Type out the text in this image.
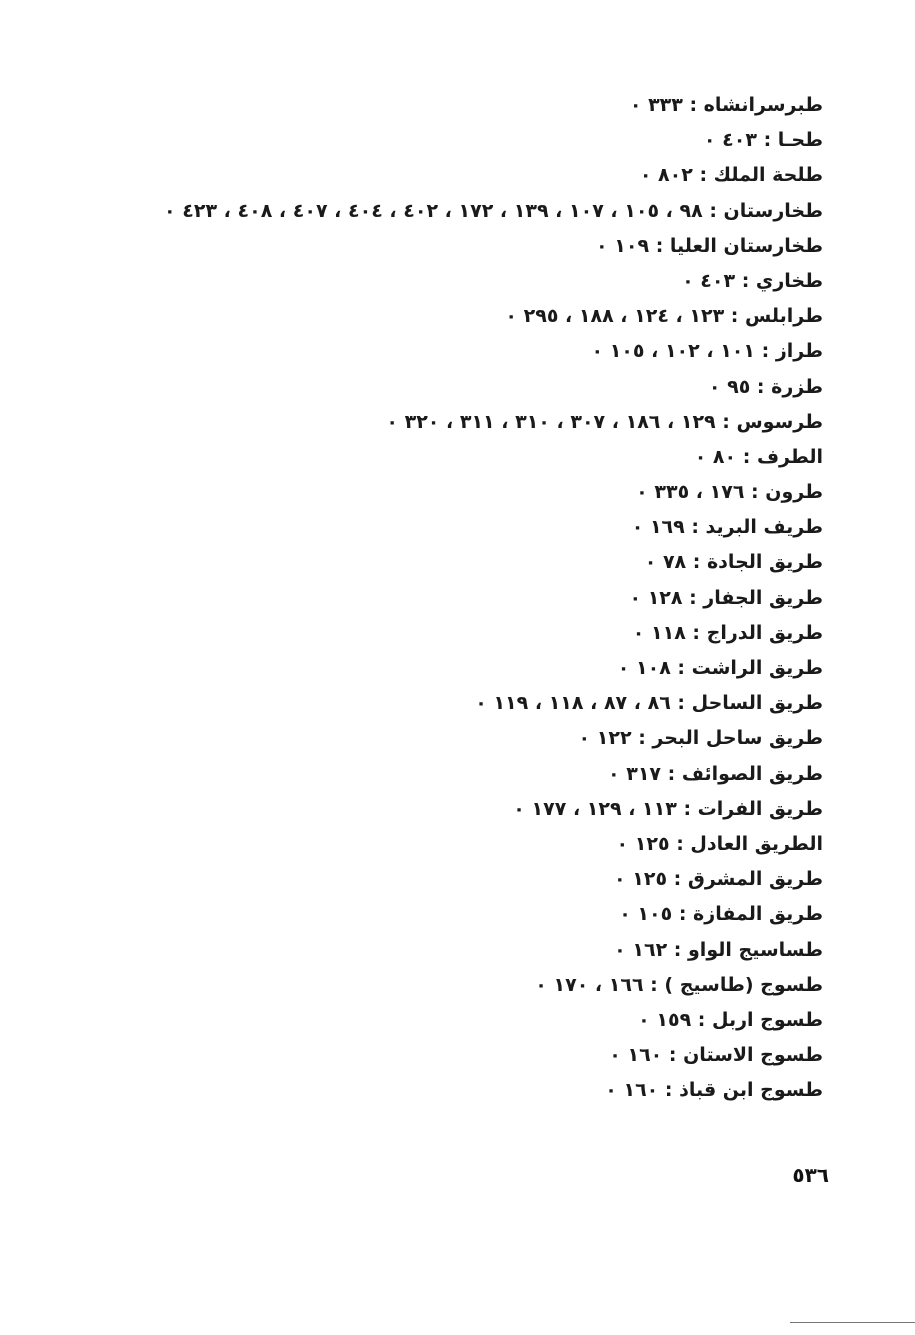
طبرسرانشاه : ٣٣٣ ٠
طحـا : ٤٠٣ ٠
طلحة الملك : ٨٠٢ ٠
طخارستان : ٩٨ ، ١٠٥ ، ١٠٧ ، ١٣٩ ، ١٧٢ ، ٤٠٢ ، ٤٠٤ ، ٤٠٧ ، ٤٠٨ ، ٤٢٣ ٠
طخارستان العليا : ١٠٩ ٠
طخاري : ٤٠٣ ٠
طرابلس : ١٢٣ ، ١٢٤ ، ١٨٨ ، ٢٩٥ ٠
طراز : ١٠١ ، ١٠٢ ، ١٠٥ ٠
طزرة : ٩٥ ٠
طرسوس : ١٢٩ ، ١٨٦ ، ٣٠٧ ، ٣١٠ ، ٣١١ ، ٣٢٠ ٠
الطرف : ٨٠ ٠
طرون : ١٧٦ ، ٣٣٥ ٠
طريف البريد : ١٦٩ ٠
طريق الجادة : ٧٨ ٠
طريق الجفار : ١٢٨ ٠
طريق الدراج : ١١٨ ٠
طريق الراشت : ١٠٨ ٠
طريق الساحل : ٨٦ ، ٨٧ ، ١١٨ ، ١١٩ ٠
طريق ساحل البحر : ١٢٢ ٠
طريق الصوائف : ٣١٧ ٠
طريق الفرات : ١١٣ ، ١٢٩ ، ١٧٧ ٠
الطريق العادل : ١٢٥ ٠
طريق المشرق : ١٢٥ ٠
طريق المفازة : ١٠٥ ٠
طساسيج الواو : ١٦٢ ٠
طسوج (طاسيج ) : ١٦٦ ، ١٧٠ ٠
طسوج اربل : ١٥٩ ٠
طسوج الاستان : ١٦٠ ٠
طسوج ابن قباذ : ١٦٠ ٠
٥٣٦
